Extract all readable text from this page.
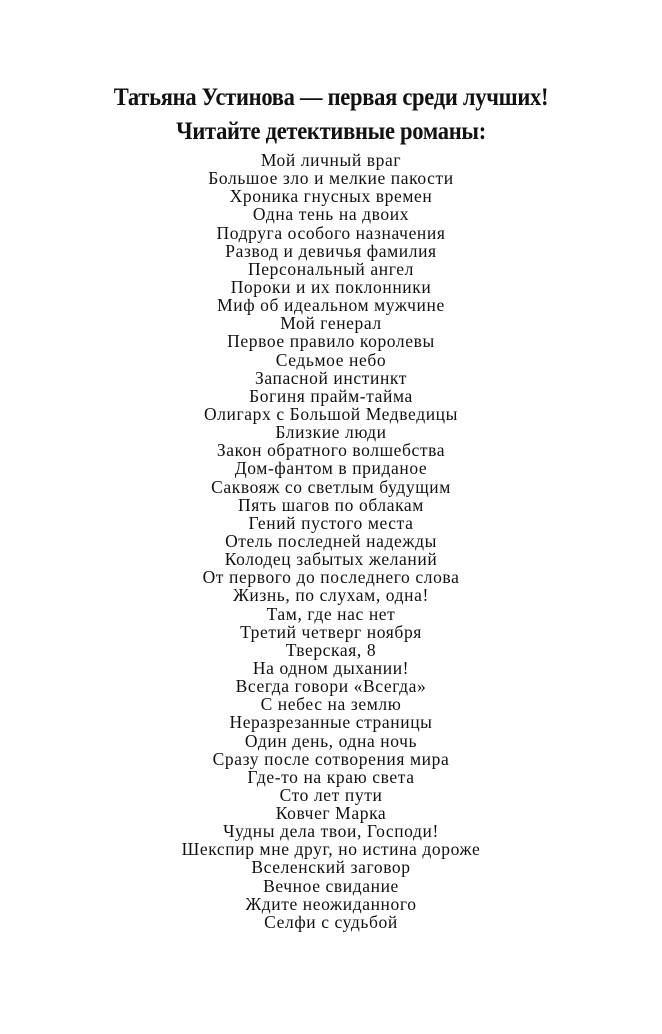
Татьяна Устинова — первая среди лучших!
Читайте детективные романы:
Мой личный враг
Большое зло и мелкие пакости
Хроника гнусных времен
Одна тень на двоих
Подруга особого назначения
Развод и девичья фамилия
Персональный ангел
Пороки и их поклонники
Миф об идеальном мужчине
Мой генерал
Первое правило королевы
Седьмое небо
Запасной инстинкт
Богиня прайм-тайма
Олигарх с Большой Медведицы
Близкие люди
Закон обратного волшебства
Дом-фантом в приданое
Саквояж со светлым будущим
Пять шагов по облакам
Гений пустого места
Отель последней надежды
Колодец забытых желаний
От первого до последнего слова
Жизнь, по слухам, одна!
Там, где нас нет
Третий четверг ноября
Тверская, 8
На одном дыхании!
Всегда говори «Всегда»
С небес на землю
Неразрезанные страницы
Один день, одна ночь
Сразу после сотворения мира
Где-то на краю света
Сто лет пути
Ковчег Марка
Чудны дела твои, Господи!
Шекспир мне друг, но истина дороже
Вселенский заговор
Вечное свидание
Ждите неожиданного
Селфи с судьбой
